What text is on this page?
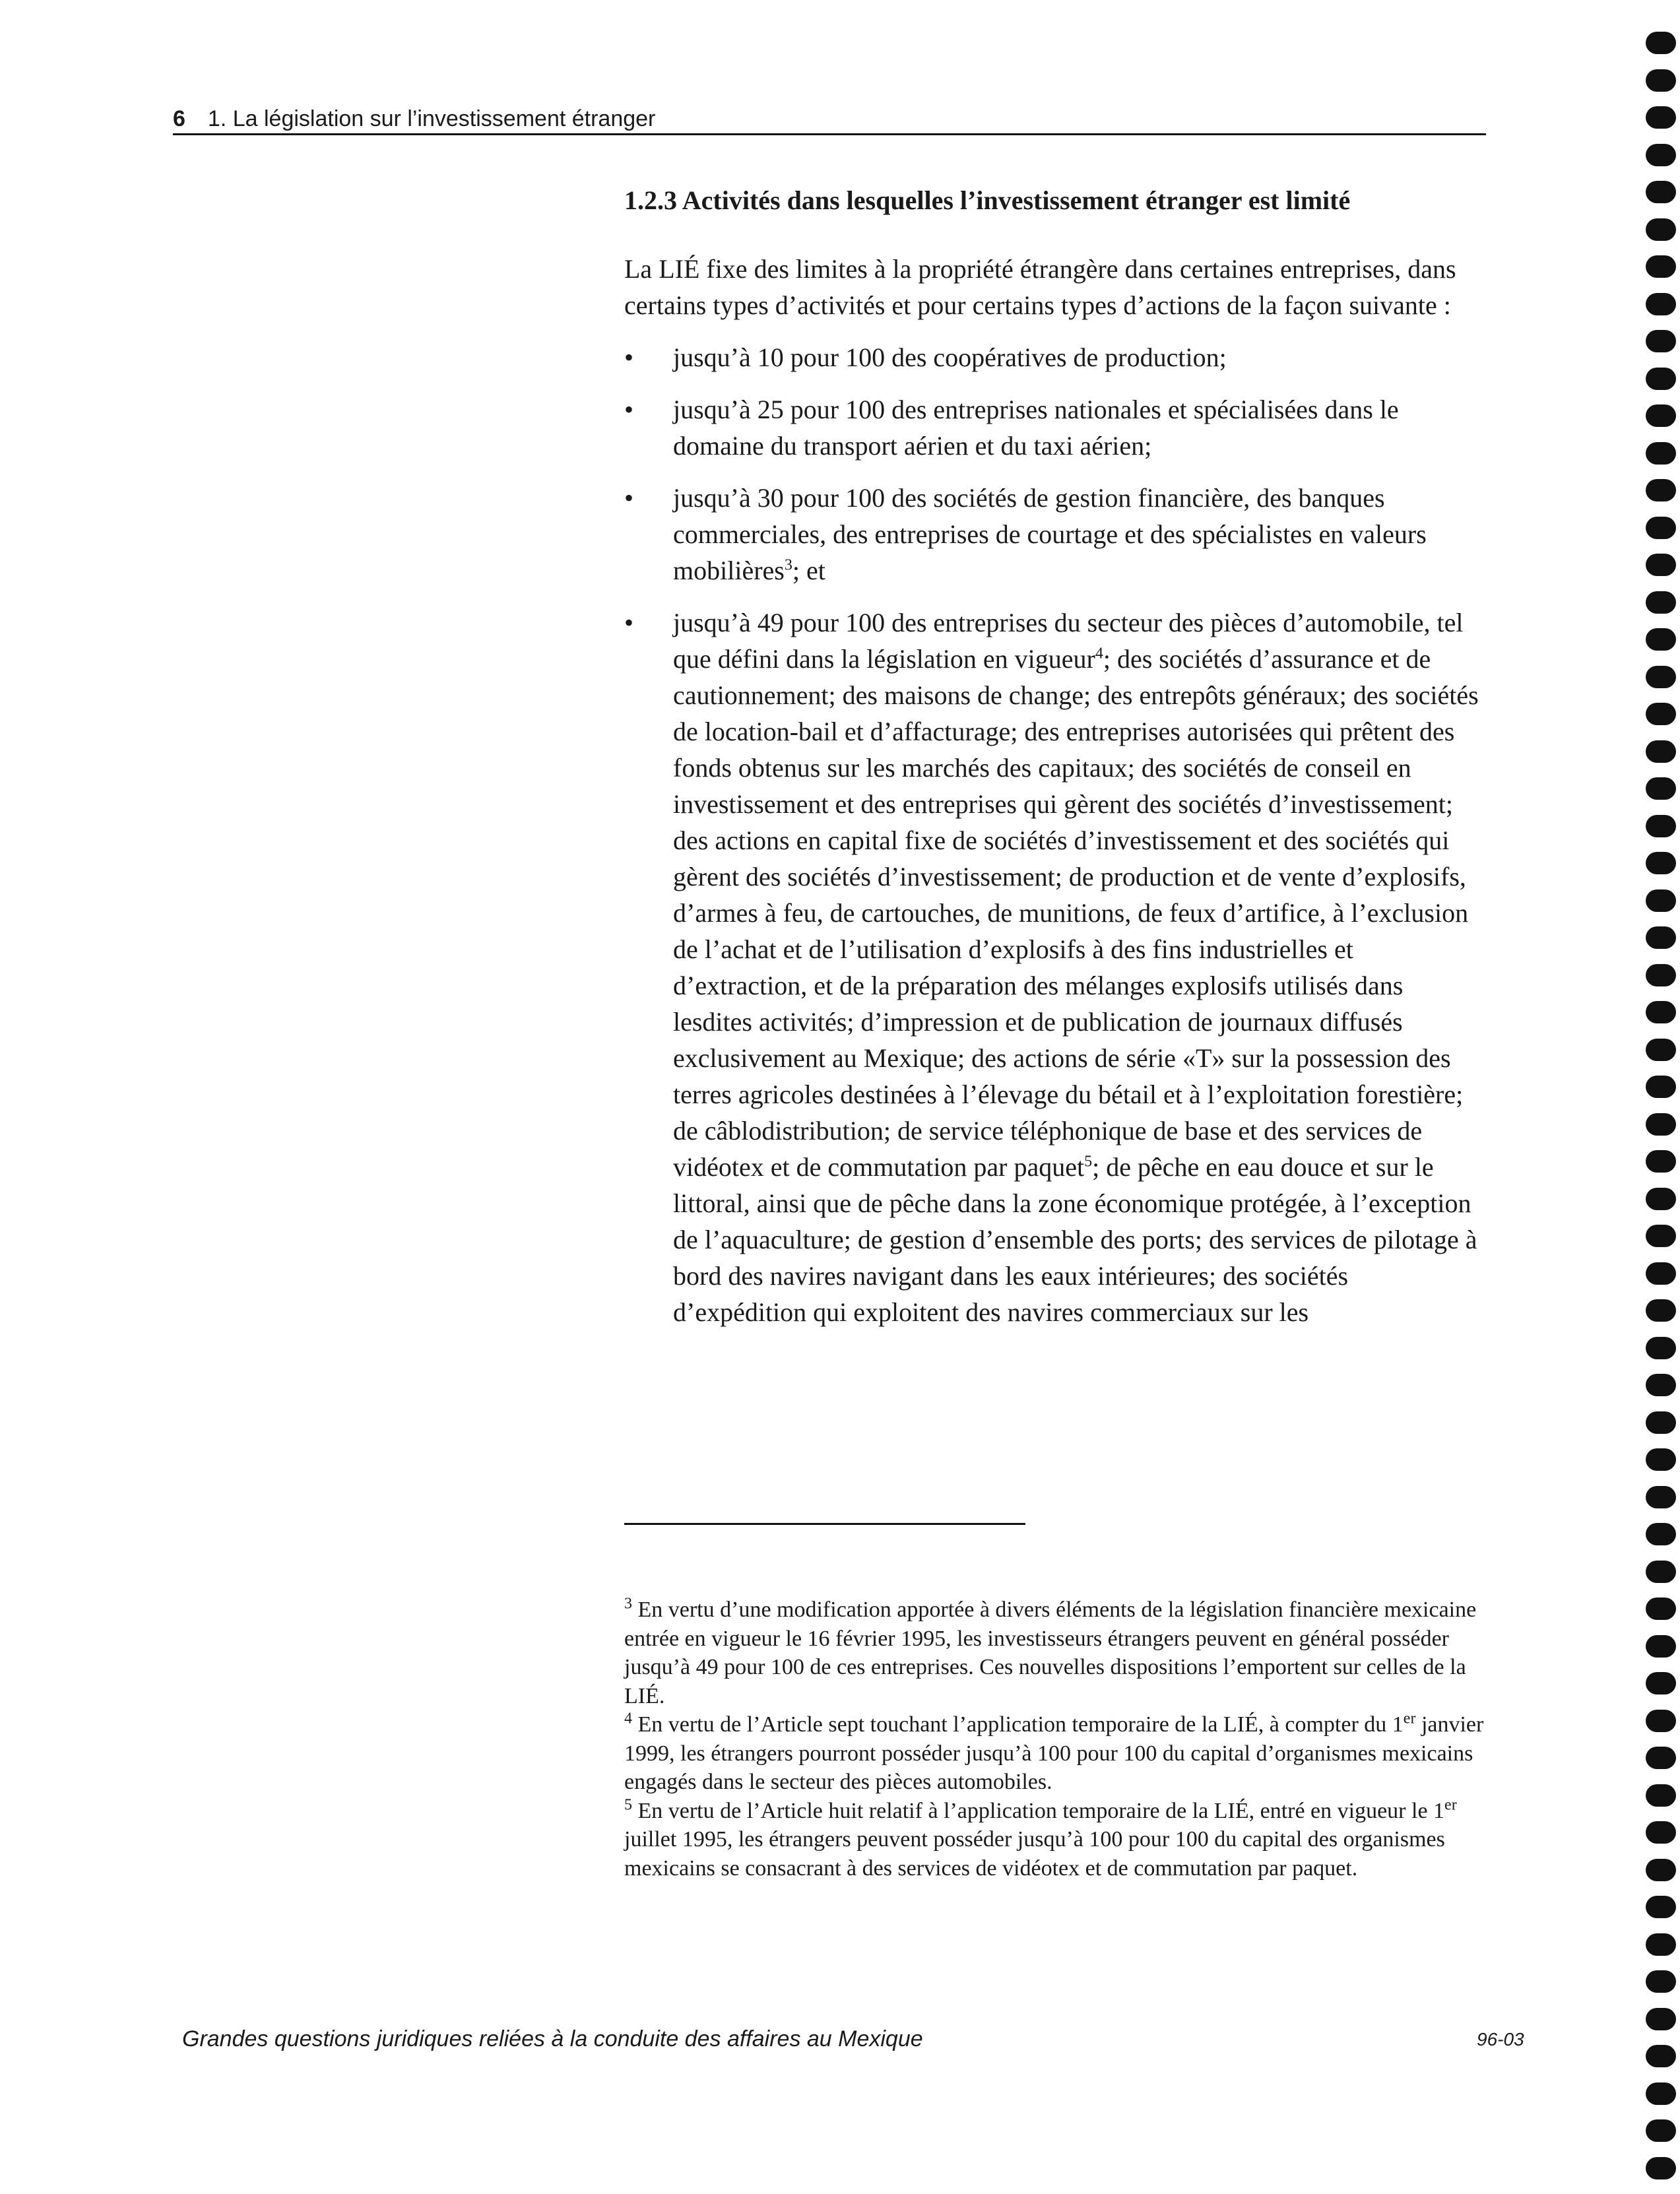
6 1. La législation sur l’investissement étranger
1.2.3 Activités dans lesquelles l’investissement étranger est limité

La LIÉ fixe des limites à la propriété étrangère dans certaines entreprises, dans certains types d’activités et pour certains types d’actions de la façon suivante :

• jusqu’à 10 pour 100 des coopératives de production;
• jusqu’à 25 pour 100 des entreprises nationales et spécialisées dans le domaine du transport aérien et du taxi aérien;
• jusqu’à 30 pour 100 des sociétés de gestion financière, des banques commerciales, des entreprises de courtage et des spécialistes en valeurs mobilières$^3$; et
• jusqu’à 49 pour 100 des entreprises du secteur des pièces d’automobile, tel que défini dans la législation en vigueur$^4$; des sociétés d’assurance et de cautionnement; des maisons de change; des entrepôts généraux; des sociétés de location-bail et d’affacturage; des entreprises autorisées qui prêtent des fonds obtenus sur les marchés des capitaux; des sociétés de conseil en investissement et des entreprises qui gèrent des sociétés d’investissement; des actions en capital fixe de sociétés d’investissement et des sociétés qui gèrent des sociétés d’investissement; de production et de vente d’explosifs, d’armes à feu, de cartouches, de munitions, de feux d’artifice, à l’exclusion de l’achat et de l’utilisation d’explosifs à des fins industrielles et d’extraction, et de la préparation des mélanges explosifs utilisés dans lesdites activités; d’impression et de publication de journaux diffusés exclusivement au Mexique; des actions de série «T» sur la possession des terres agricoles destinées à l’élevage du bétail et à l’exploitation forestière; de câblodistribution; de service téléphonique de base et des services de vidéotex et de commutation par paquet$^5$; de pêche en eau douce et sur le littoral, ainsi que de pêche dans la zone économique protégée, à l’exception de l’aquaculture; de gestion d’ensemble des ports; des services de pilotage à bord des navires navigant dans les eaux intérieures; des sociétés d’expédition qui exploitent des navires commerciaux sur les

$^3$ En vertu d’une modification apportée à divers éléments de la législation financière mexicaine entrée en vigueur le 16 février 1995, les investisseurs étrangers peuvent en général posséder jusqu’à 49 pour 100 de ces entreprises. Ces nouvelles dispositions l’emportent sur celles de la LIÉ.

$^4$ En vertu de l’Article sept touchant l’application temporaire de la LIÉ, à compter du 1er janvier 1999, les étrangers pourront posséder jusqu’à 100 pour 100 du capital d’organismes mexicains engagés dans le secteur des pièces automobiles.

$^5$ En vertu de l’Article huit relatif à l’application temporaire de la LIÉ, entré en vigueur le 1er juillet 1995, les étrangers peuvent posséder jusqu’à 100 pour 100 du capital des organismes mexicains se consacrant à des services de vidéotex et de commutation par paquet.

Grandes questions juridiques reliées à la conduite des affaires au Mexique	96-03
